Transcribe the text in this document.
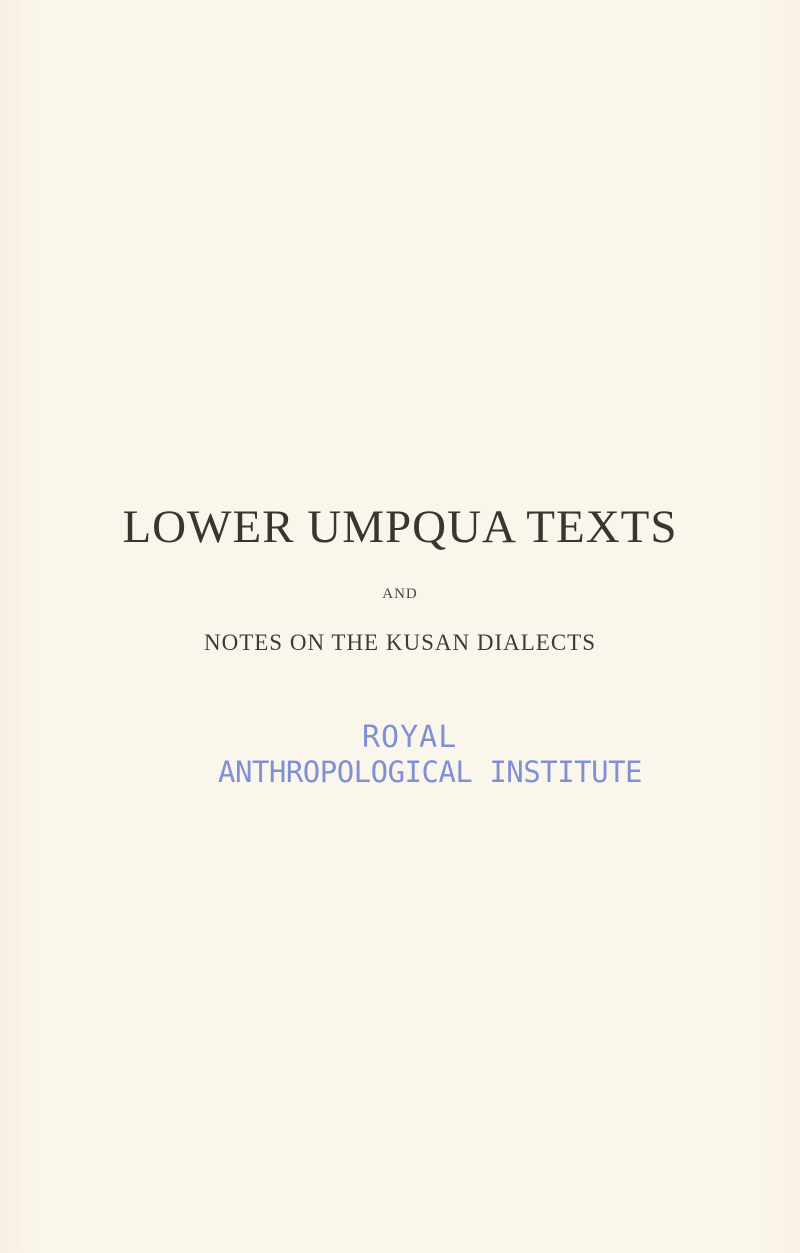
LOWER UMPQUA TEXTS
AND
NOTES ON THE KUSAN DIALECTS
ROYAL
ANTHROPOLOGICAL INSTITUTE
